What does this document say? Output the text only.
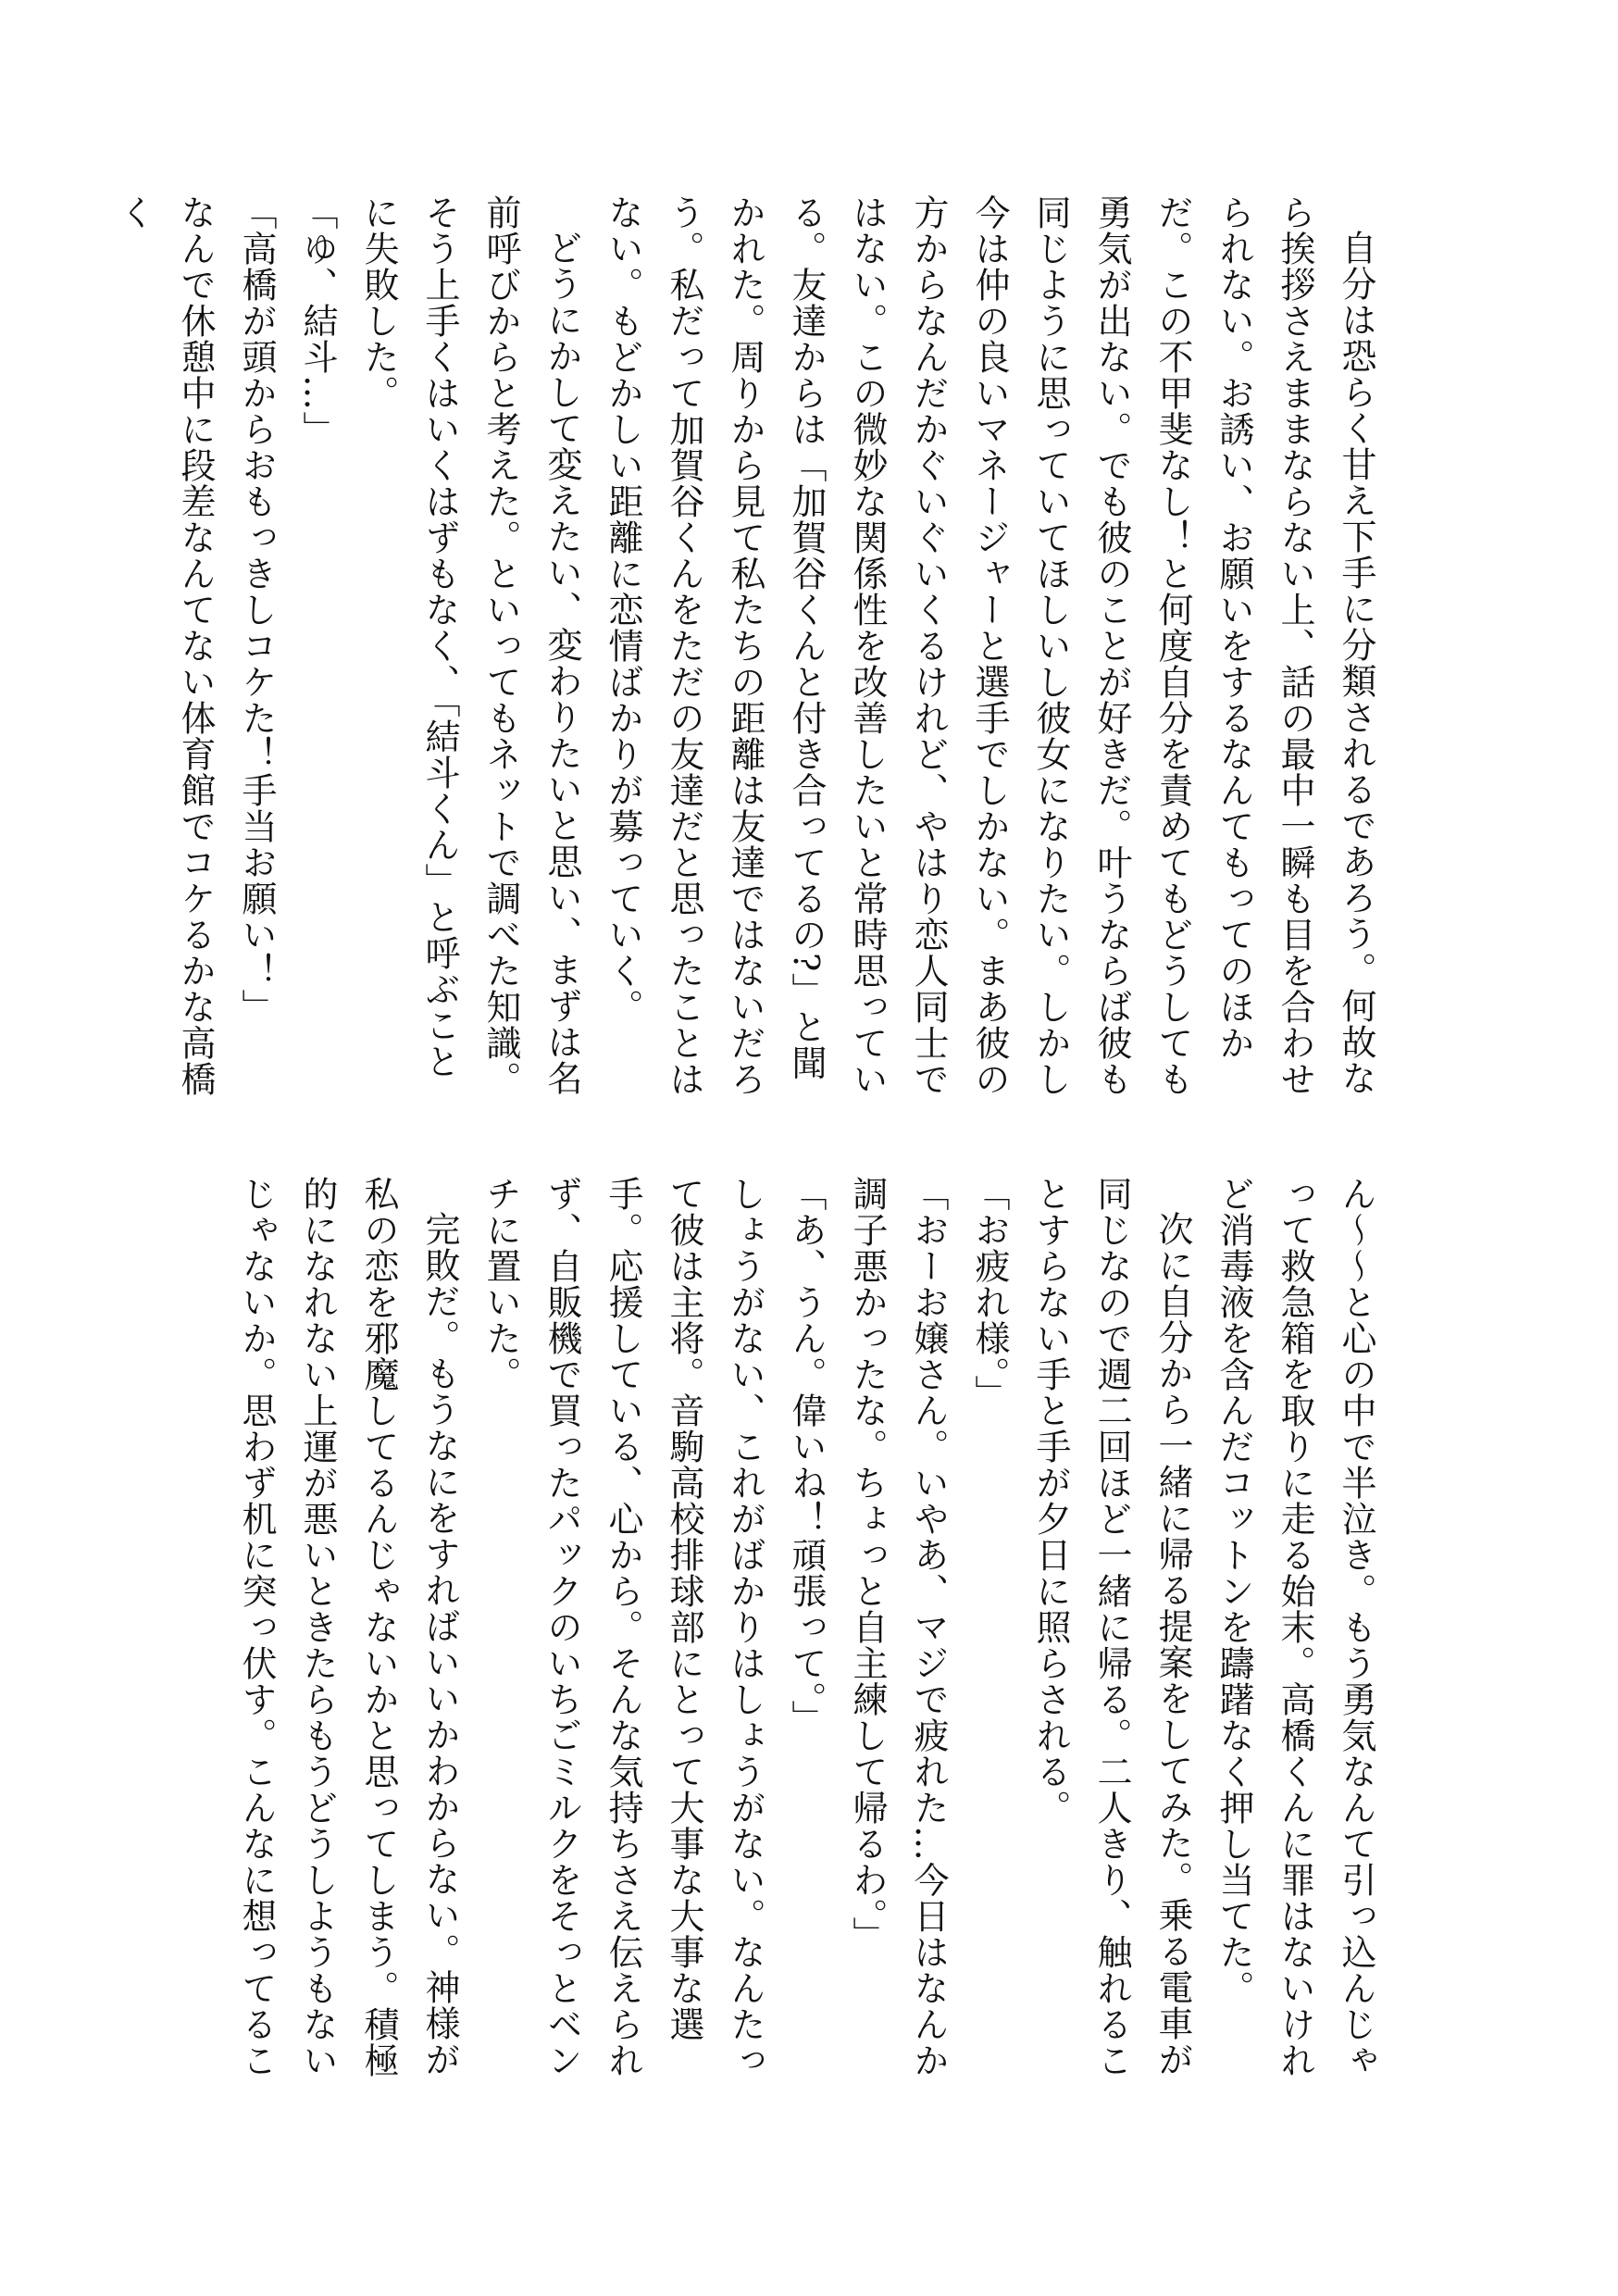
自分は恐らく甘え下手に分類されるであろう。何故なら挨拶さえままならない上、話の最中一瞬も目を合わせられない。お誘い、お願いをするなんてもってのほかだ。この不甲斐なし！と何度自分を責めてもどうしても勇気が出ない。でも彼のことが好きだ。叶うならば彼も同じように思っていてほしいし彼女になりたい。しかし今は仲の良いマネージャーと選手でしかない。まあ彼の方からなんだかぐいぐいくるけれど、やはり恋人同士ではない。この微妙な関係性を改善したいと常時思っている。友達からは「加賀谷くんと付き合ってるの?」と聞かれた。周りから見て私たちの距離は友達ではないだろう。私だって加賀谷くんをただの友達だと思ったことはない。もどかしい距離に恋情ばかりが募っていく。

どうにかして変えたい、変わりたいと思い、まずは名前呼びからと考えた。といってもネットで調べた知識。そう上手くはいくはずもなく、「結斗くん」と呼ぶことに失敗した。

「ゆ、結斗…」

「高橋が頭からおもっきしコケた！手当お願い！」

なんで休憩中に段差なんてない体育館でコケるかな高橋く

ん〜〜と心の中で半泣き。もう勇気なんて引っ込んじゃって救急箱を取りに走る始末。高橋くんに罪はないけれど消毒液を含んだコットンを躊躇なく押し当てた。

次に自分から一緒に帰る提案をしてみた。乗る電車が同じなので週二回ほど一緒に帰る。二人きり、触れることすらない手と手が夕日に照らされる。

「お疲れ様。」

「おーお嬢さん。いやあ、マジで疲れた…今日はなんか調子悪かったな。ちょっと自主練して帰るわ。」

「あ、うん。偉いね！頑張って。」

しょうがない、これがばかりはしょうがない。なんたって彼は主将。音駒高校排球部にとって大事な大事な選手。応援している、心から。そんな気持ちさえ伝えられず、自販機で買ったパックのいちごミルクをそっとベンチに置いた。

完敗だ。もうなにをすればいいかわからない。神様が私の恋を邪魔してるんじゃないかと思ってしまう。積極的になれない上運が悪いときたらもうどうしようもないじゃないか。思わず机に突っ伏す。こんなに想ってるこ
